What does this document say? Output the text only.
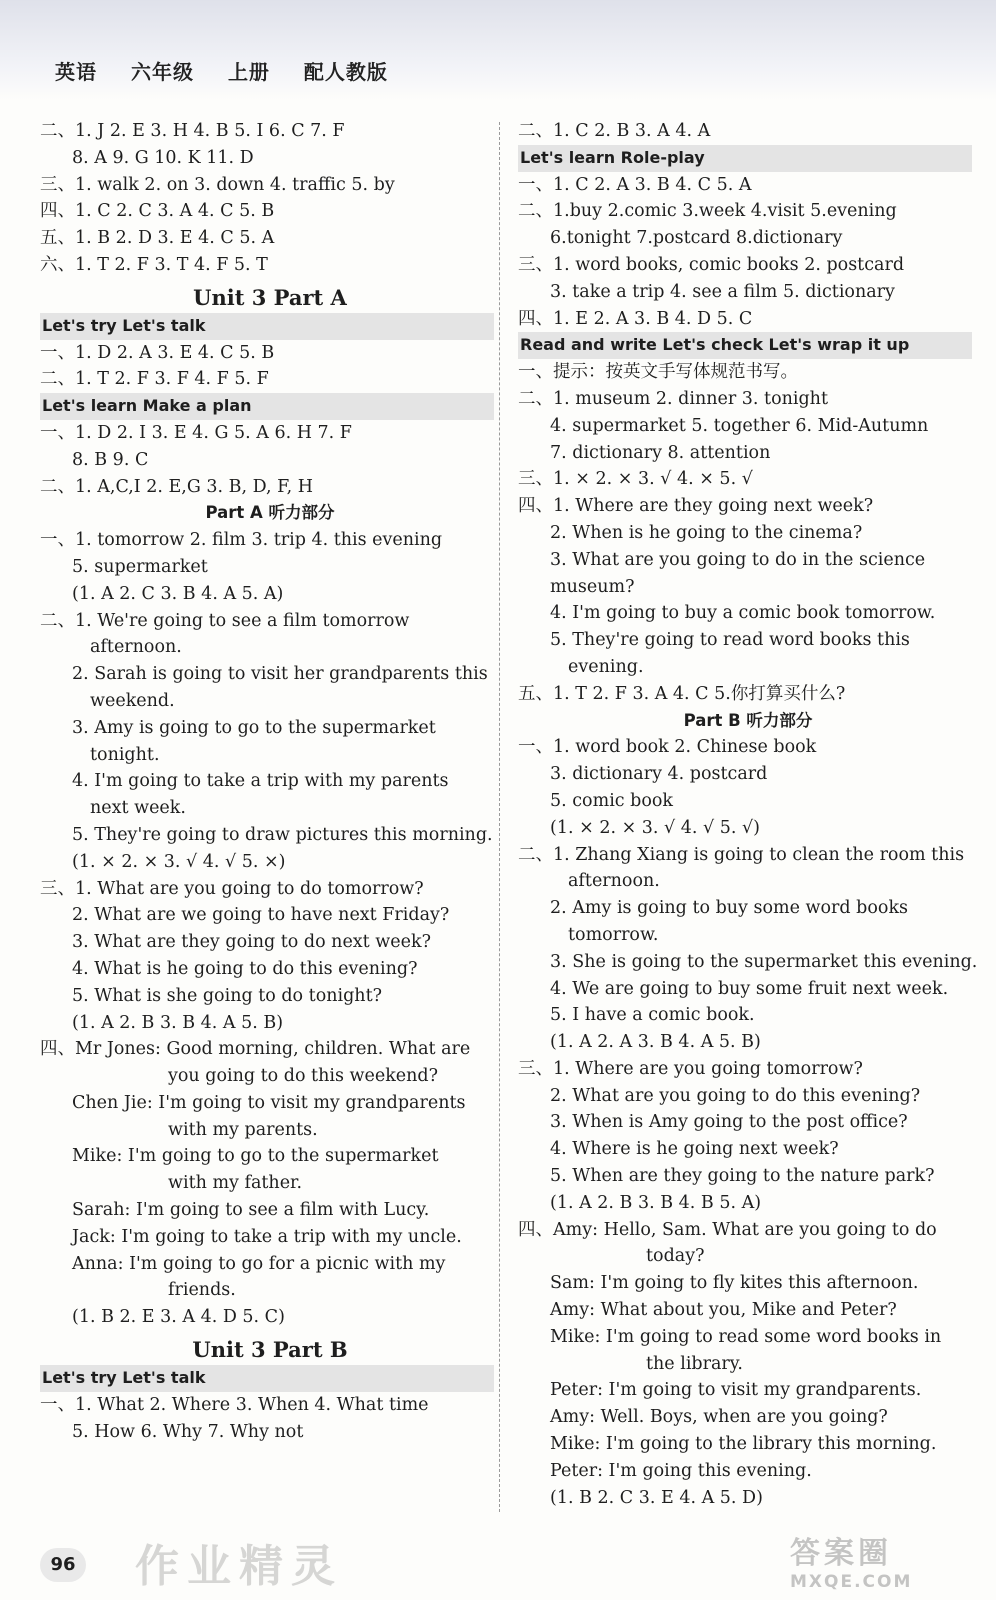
英语 六年级 上册 配人教版
二、1. J 2. E 3. H 4. B 5. I 6. C 7. F
8. A 9. G 10. K 11. D
三、1. walk 2. on 3. down 4. traffic 5. by
四、1. C 2. C 3. A 4. C 5. B
五、1. B 2. D 3. E 4. C 5. A
六、1. T 2. F 3. T 4. F 5. T
Unit 3 Part A
Let's try Let's talk
一、1. D 2. A 3. E 4. C 5. B
二、1. T 2. F 3. F 4. F 5. F
Let's learn Make a plan
一、1. D 2. I 3. E 4. G 5. A 6. H 7. F
8. B 9. C
二、1. A,C,I 2. E,G 3. B, D, F, H
Part A 听力部分
一、1. tomorrow 2. film 3. trip 4. this evening
5. supermarket
(1. A 2. C 3. B 4. A 5. A)
二、1. We're going to see a film tomorrow
afternoon.
2. Sarah is going to visit her grandparents this
weekend.
3. Amy is going to go to the supermarket
tonight.
4. I'm going to take a trip with my parents
next week.
5. They're going to draw pictures this morning.
(1. × 2. × 3. √ 4. √ 5. ×)
三、1. What are you going to do tomorrow?
2. What are we going to have next Friday?
3. What are they going to do next week?
4. What is he going to do this evening?
5. What is she going to do tonight?
(1. A 2. B 3. B 4. A 5. B)
四、Mr Jones: Good morning, children. What are
you going to do this weekend?
Chen Jie: I'm going to visit my grandparents
with my parents.
Mike: I'm going to go to the supermarket
with my father.
Sarah: I'm going to see a film with Lucy.
Jack: I'm going to take a trip with my uncle.
Anna: I'm going to go for a picnic with my
friends.
(1. B 2. E 3. A 4. D 5. C)
Unit 3 Part B
Let's try Let's talk
一、1. What 2. Where 3. When 4. What time
5. How 6. Why 7. Why not
二、1. C 2. B 3. A 4. A
Let's learn Role-play
一、1. C 2. A 3. B 4. C 5. A
二、1.buy 2.comic 3.week 4.visit 5.evening
6.tonight 7.postcard 8.dictionary
三、1. word books, comic books 2. postcard
3. take a trip 4. see a film 5. dictionary
四、1. E 2. A 3. B 4. D 5. C
Read and write Let's check Let's wrap it up
一、提示：按英文手写体规范书写。
二、1. museum 2. dinner 3. tonight
4. supermarket 5. together 6. Mid-Autumn
7. dictionary 8. attention
三、1. × 2. × 3. √ 4. × 5. √
四、1. Where are they going next week?
2. When is he going to the cinema?
3. What are you going to do in the science
museum?
4. I'm going to buy a comic book tomorrow.
5. They're going to read word books this
evening.
五、1. T 2. F 3. A 4. C 5.你打算买什么?
Part B 听力部分
一、1. word book 2. Chinese book
3. dictionary 4. postcard
5. comic book
(1. × 2. × 3. √ 4. √ 5. √)
二、1. Zhang Xiang is going to clean the room this
afternoon.
2. Amy is going to buy some word books
tomorrow.
3. She is going to the supermarket this evening.
4. We are going to buy some fruit next week.
5. I have a comic book.
(1. A 2. A 3. B 4. A 5. B)
三、1. Where are you going tomorrow?
2. What are you going to do this evening?
3. When is Amy going to the post office?
4. Where is he going next week?
5. When are they going to the nature park?
(1. A 2. B 3. B 4. B 5. A)
四、Amy: Hello, Sam. What are you going to do
today?
Sam: I'm going to fly kites this afternoon.
Amy: What about you, Mike and Peter?
Mike: I'm going to read some word books in
the library.
Peter: I'm going to visit my grandparents.
Amy: Well. Boys, when are you going?
Mike: I'm going to the library this morning.
Peter: I'm going this evening.
(1. B 2. C 3. E 4. A 5. D)
96 作业精灵	答案圈
MXQE.COM
